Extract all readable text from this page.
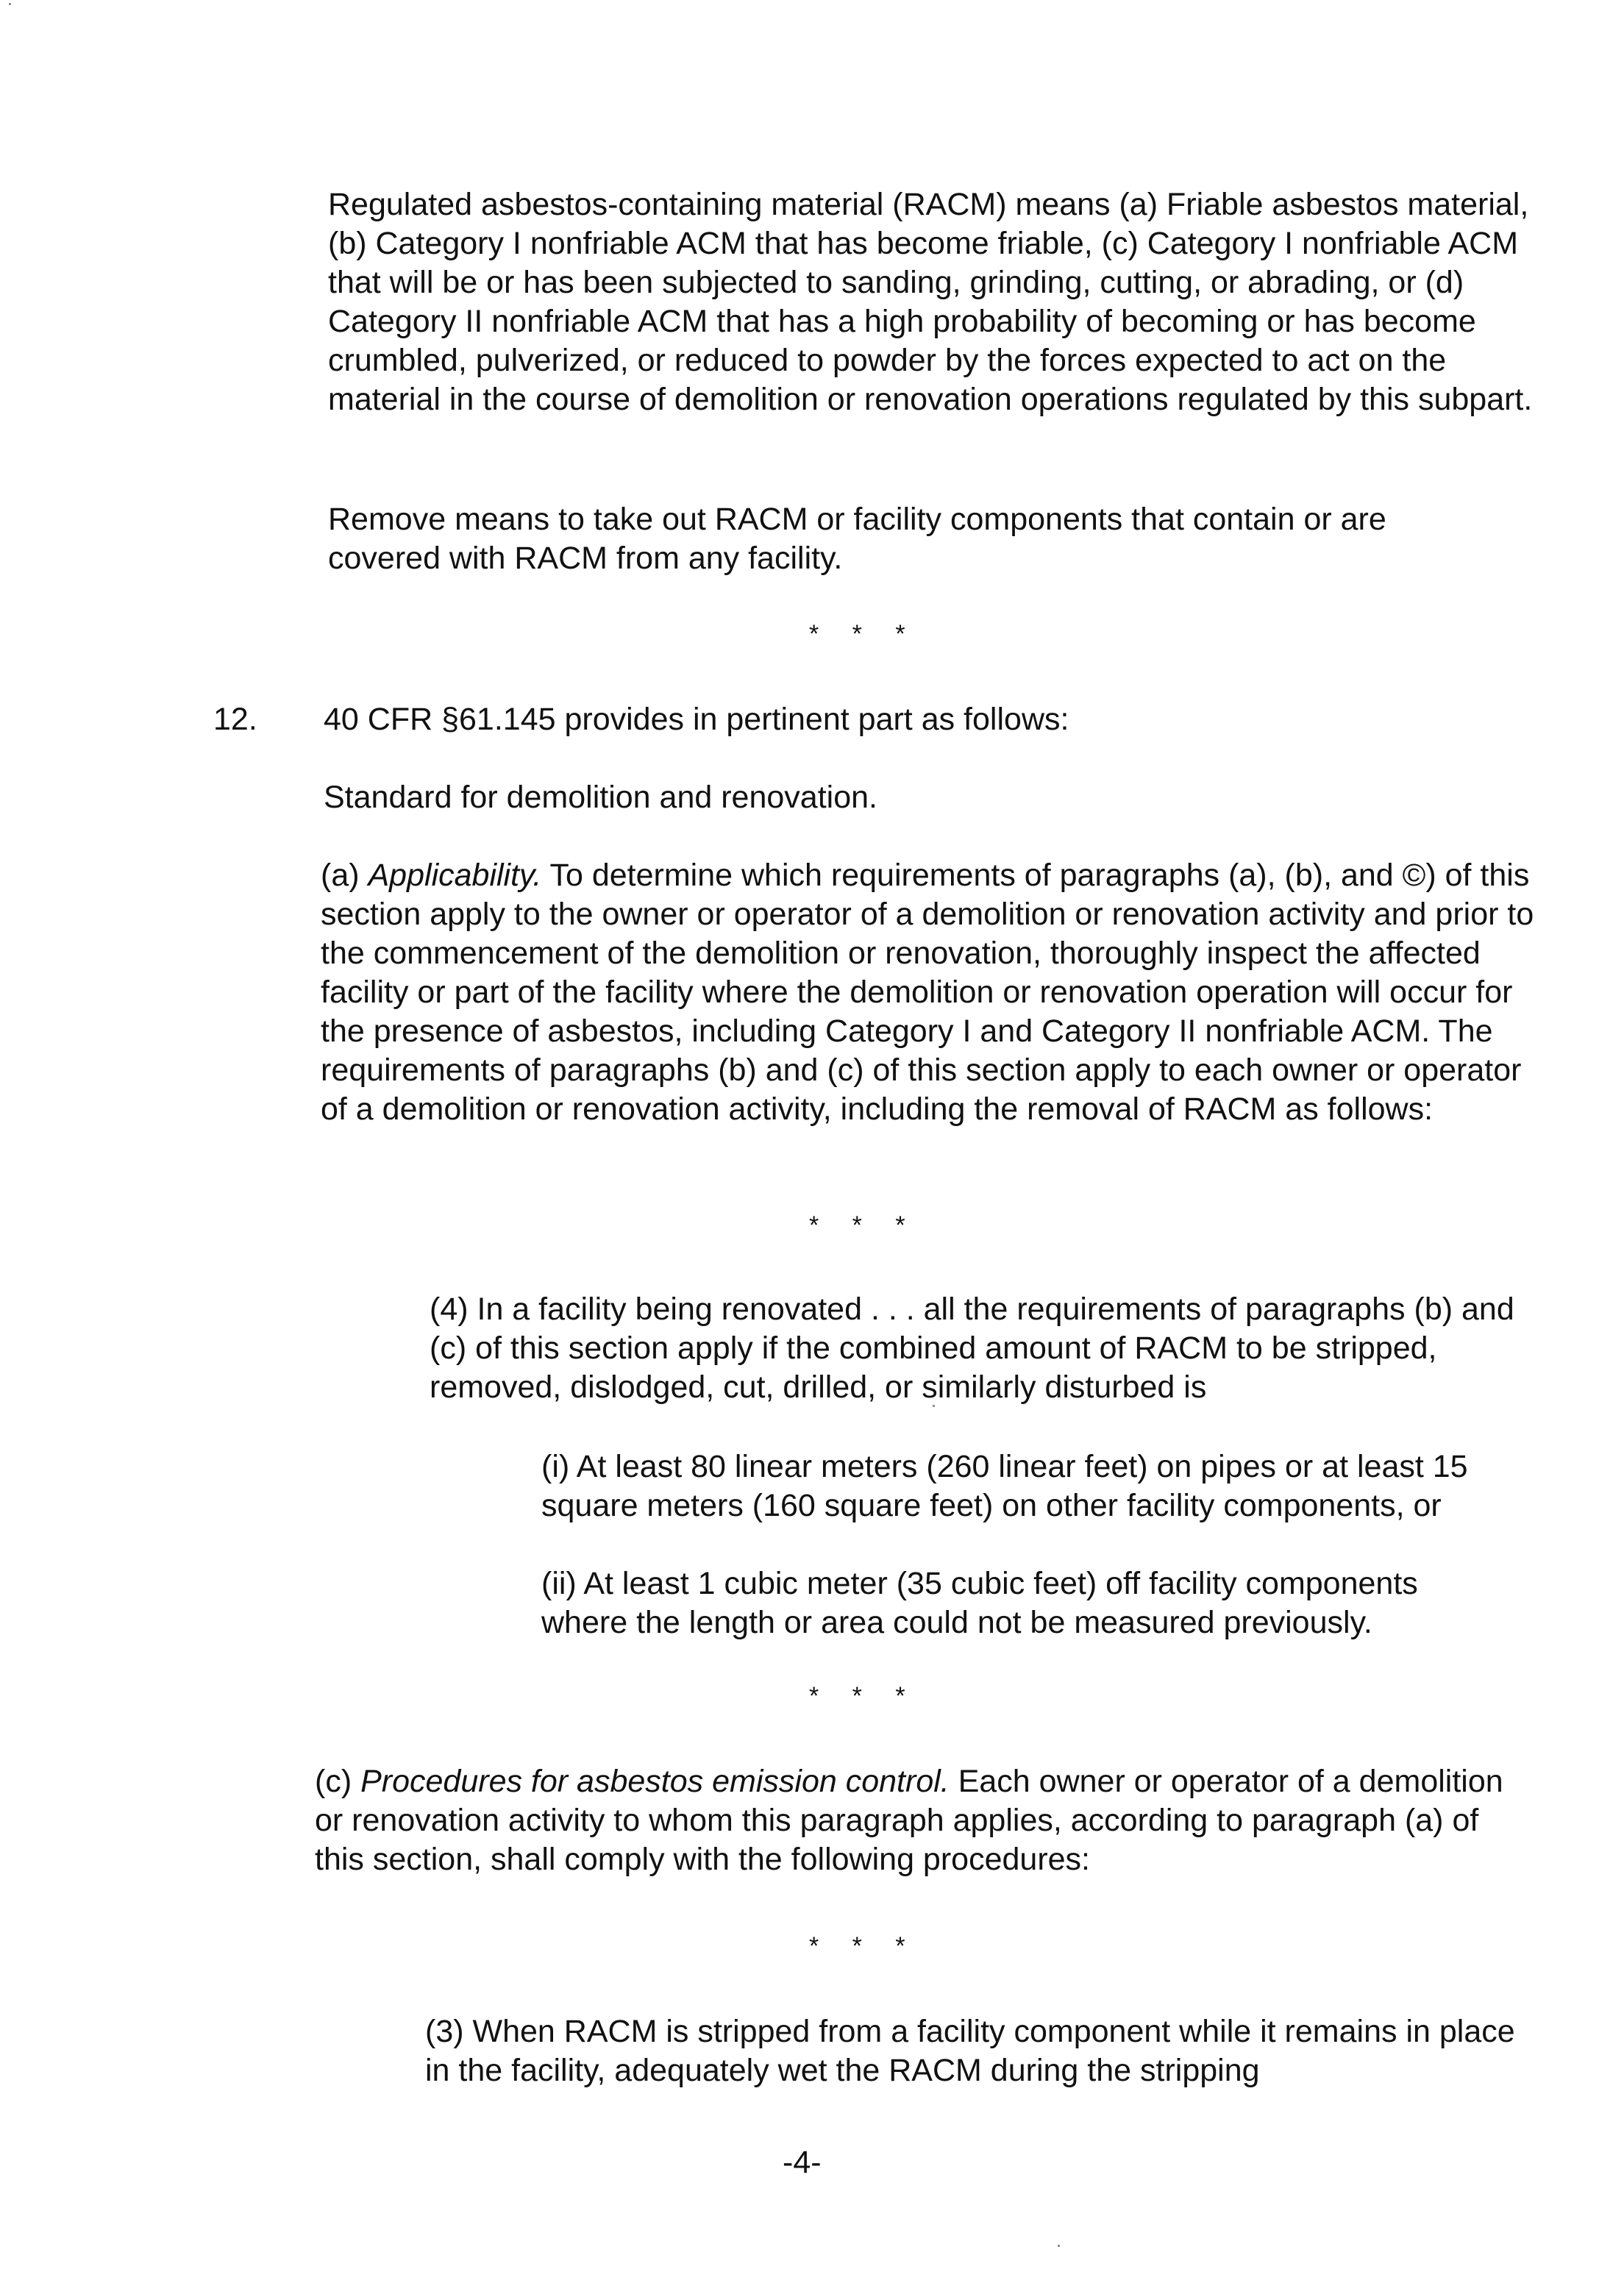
Regulated asbestos-containing material (RACM) means (a) Friable asbestos material, (b) Category I nonfriable ACM that has become friable, (c) Category I nonfriable ACM that will be or has been subjected to sanding, grinding, cutting, or abrading, or (d) Category II nonfriable ACM that has a high probability of becoming or has become crumbled, pulverized, or reduced to powder by the forces expected to act on the material in the course of demolition or renovation operations regulated by this subpart.

Remove means to take out RACM or facility components that contain or are covered with RACM from any facility.

* * *
12. 40 CFR §61.145 provides in pertinent part as follows:

Standard for demolition and renovation.

(a) Applicability. To determine which requirements of paragraphs (a), (b), and ©) of this section apply to the owner or operator of a demolition or renovation activity and prior to the commencement of the demolition or renovation, thoroughly inspect the affected facility or part of the facility where the demolition or renovation operation will occur for the presence of asbestos, including Category I and Category II nonfriable ACM. The requirements of paragraphs (b) and (c) of this section apply to each owner or operator of a demolition or renovation activity, including the removal of RACM as follows:

* * *

(4) In a facility being renovated . . . all the requirements of paragraphs (b) and (c) of this section apply if the combined amount of RACM to be stripped, removed, dislodged, cut, drilled, or similarly disturbed is

(i) At least 80 linear meters (260 linear feet) on pipes or at least 15 square meters (160 square feet) on other facility components, or

(ii) At least 1 cubic meter (35 cubic feet) off facility components where the length or area could not be measured previously.

* * *

(c) Procedures for asbestos emission control. Each owner or operator of a demolition or renovation activity to whom this paragraph applies, according to paragraph (a) of this section, shall comply with the following procedures:

* * *

(3) When RACM is stripped from a facility component while it remains in place in the facility, adequately wet the RACM during the stripping

-4-
